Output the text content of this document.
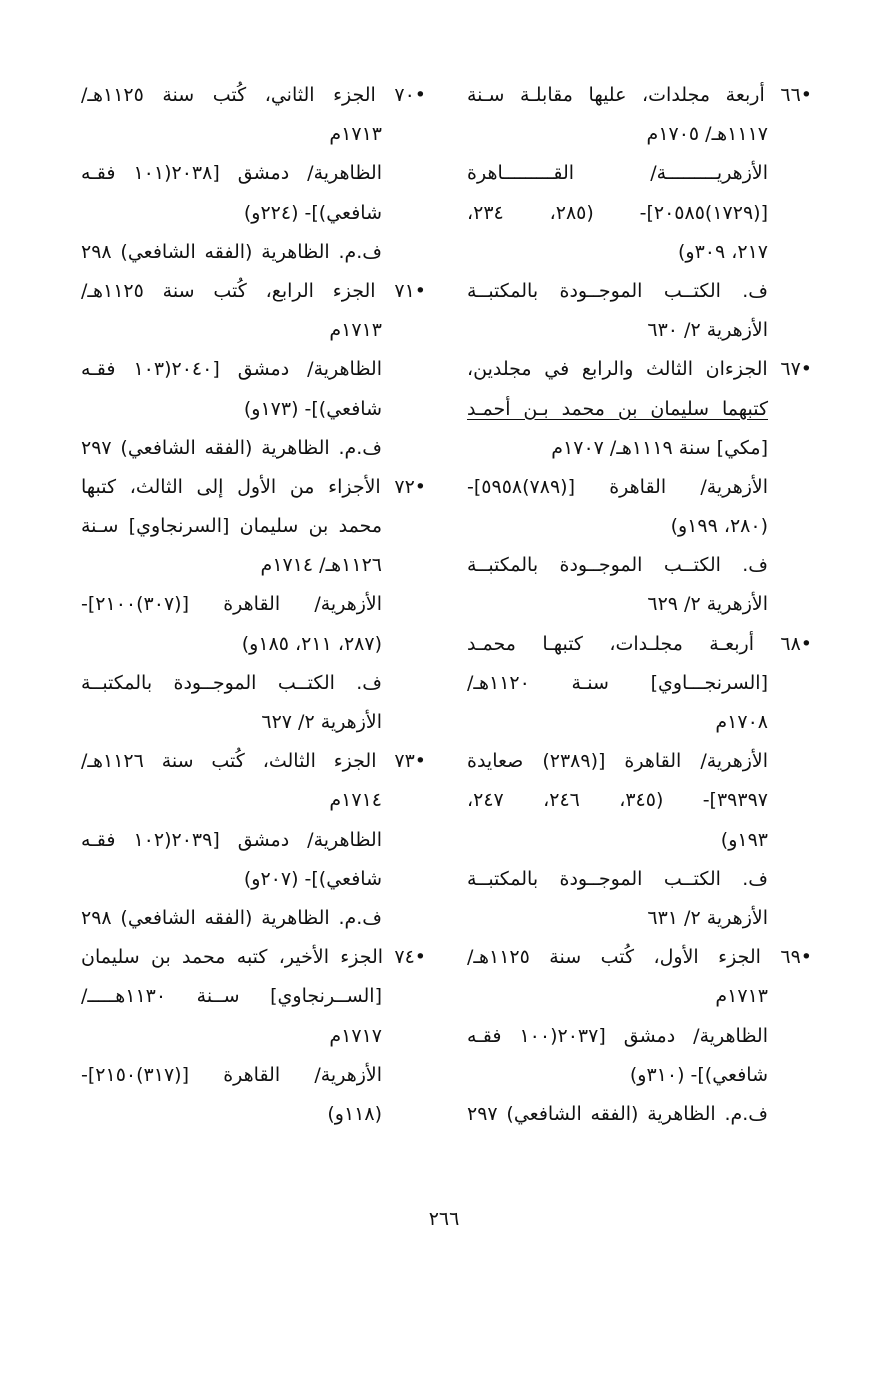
•٦٦ أربعة مجلدات، عليها مقابلـة سـنة
١١١٧هـ/ ١٧٠٥م
الأزهريـــــــــة/ القـــــــــاهرة
[(١٧٢٩)٢٠٥٨٥]- (٢٨٥، ٢٣٤،
٢١٧، ٣٠٩و)
ف. الكتــب الموجــودة بالمكتبــة
الأزهرية ٢/ ٦٣٠
•٦٧ الجزءان الثالث والرابع في مجلدين،
كتبهما سليمان بن محمد بـن أحمـد
[مكي] سنة ١١١٩هـ/ ١٧٠٧م
الأزهرية/ القاهرة [(٧٨٩)٥٩٥٨]-
(٢٨٠، ١٩٩و)
ف. الكتــب الموجــودة بالمكتبــة
الأزهرية ٢/ ٦٢٩
•٦٨ أربعـة مجلـدات، كتبهـا محمـد
[السرنجـــاوي] سنـة ١١٢٠هـ/
١٧٠٨م
الأزهرية/ القاهرة [(٢٣٨٩) صعايدة
٣٩٣٩٧]- (٣٤٥، ٢٤٦، ٢٤٧،
١٩٣و)
ف. الكتــب الموجــودة بالمكتبــة
الأزهرية ٢/ ٦٣١
•٦٩ الجزء الأول، كُتب سنة ١١٢٥هـ/
١٧١٣م
الظاهرية/ دمشق [٢٠٣٧(١٠٠ فقـه
شافعي)]- (٣١٠و)
ف.م. الظاهرية (الفقه الشافعي) ٢٩٧
•٧٠ الجزء الثاني، كُتب سنة ١١٢٥هـ/
١٧١٣م
الظاهرية/ دمشق [٢٠٣٨(١٠١ فقـه
شافعي)]- (٢٢٤و)
ف.م. الظاهرية (الفقه الشافعي) ٢٩٨
•٧١ الجزء الرابع، كُتب سنة ١١٢٥هـ/
١٧١٣م
الظاهرية/ دمشق [٢٠٤٠(١٠٣ فقـه
شافعي)]- (١٧٣و)
ف.م. الظاهرية (الفقه الشافعي) ٢٩٧
•٧٢ الأجزاء من الأول إلى الثالث، كتبها
محمد بن سليمان [السرنجاوي] سـنة
١١٢٦هـ/ ١٧١٤م
الأزهرية/ القاهرة [(٣٠٧)٢١٠٠]-
(٢٨٧، ٢١١، ١٨٥و)
ف. الكتــب الموجــودة بالمكتبــة
الأزهرية ٢/ ٦٢٧
•٧٣ الجزء الثالث، كُتب سنة ١١٢٦هـ/
١٧١٤م
الظاهرية/ دمشق [٢٠٣٩(١٠٢ فقـه
شافعي)]- (٢٠٧و)
ف.م. الظاهرية (الفقه الشافعي) ٢٩٨
•٧٤ الجزء الأخير، كتبه محمد بن سليمان
[الســرنجاوي] ســنة ١١٣٠هـــــ/
١٧١٧م
الأزهرية/ القاهرة [(٣١٧)٢١٥٠]-
(١١٨و)
٢٦٦
